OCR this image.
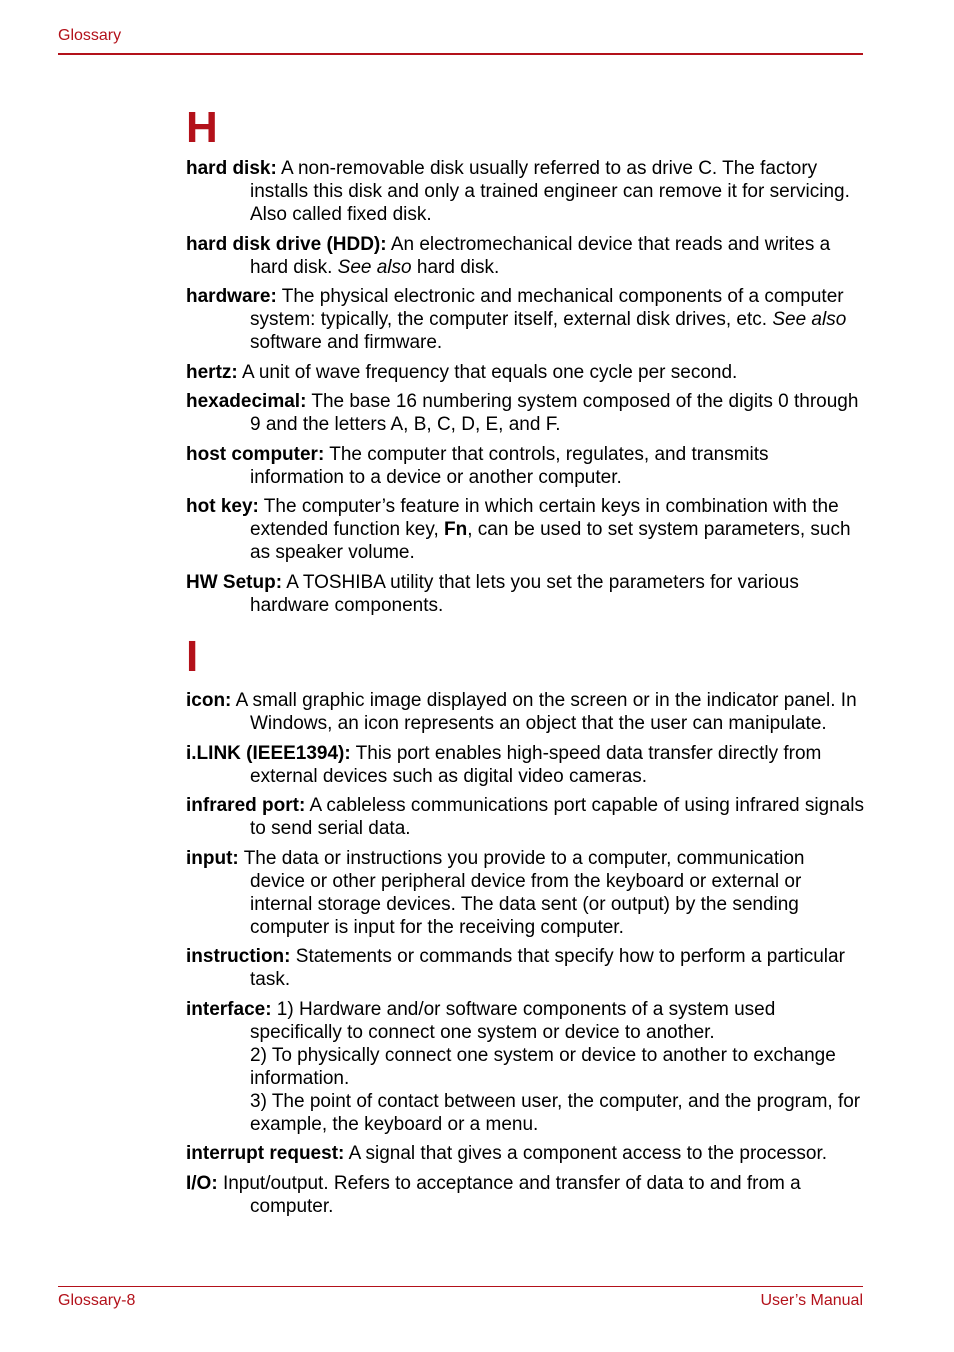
Glossary
H

hard disk: A non-removable disk usually referred to as drive C. The factory installs this disk and only a trained engineer can remove it for servicing. Also called fixed disk.

hard disk drive (HDD): An electromechanical device that reads and writes a hard disk. See also hard disk.

hardware: The physical electronic and mechanical components of a computer system: typically, the computer itself, external disk drives, etc. See also software and firmware.

hertz: A unit of wave frequency that equals one cycle per second.

hexadecimal: The base 16 numbering system composed of the digits 0 through 9 and the letters A, B, C, D, E, and F.

host computer: The computer that controls, regulates, and transmits information to a device or another computer.

hot key: The computer’s feature in which certain keys in combination with the extended function key, Fn, can be used to set system parameters, such as speaker volume.

HW Setup: A TOSHIBA utility that lets you set the parameters for various hardware components.

I

icon: A small graphic image displayed on the screen or in the indicator panel. In Windows, an icon represents an object that the user can manipulate.

i.LINK (IEEE1394): This port enables high-speed data transfer directly from external devices such as digital video cameras.

infrared port: A cableless communications port capable of using infrared signals to send serial data.

input: The data or instructions you provide to a computer, communication device or other peripheral device from the keyboard or external or internal storage devices. The data sent (or output) by the sending computer is input for the receiving computer.

instruction: Statements or commands that specify how to perform a particular task.

interface: 1) Hardware and/or software components of a system used specifically to connect one system or device to another.
2) To physically connect one system or device to another to exchange information.
3) The point of contact between user, the computer, and the program, for example, the keyboard or a menu.

interrupt request: A signal that gives a component access to the processor.

I/O: Input/output. Refers to acceptance and transfer of data to and from a computer.

Glossary-8	User’s Manual
